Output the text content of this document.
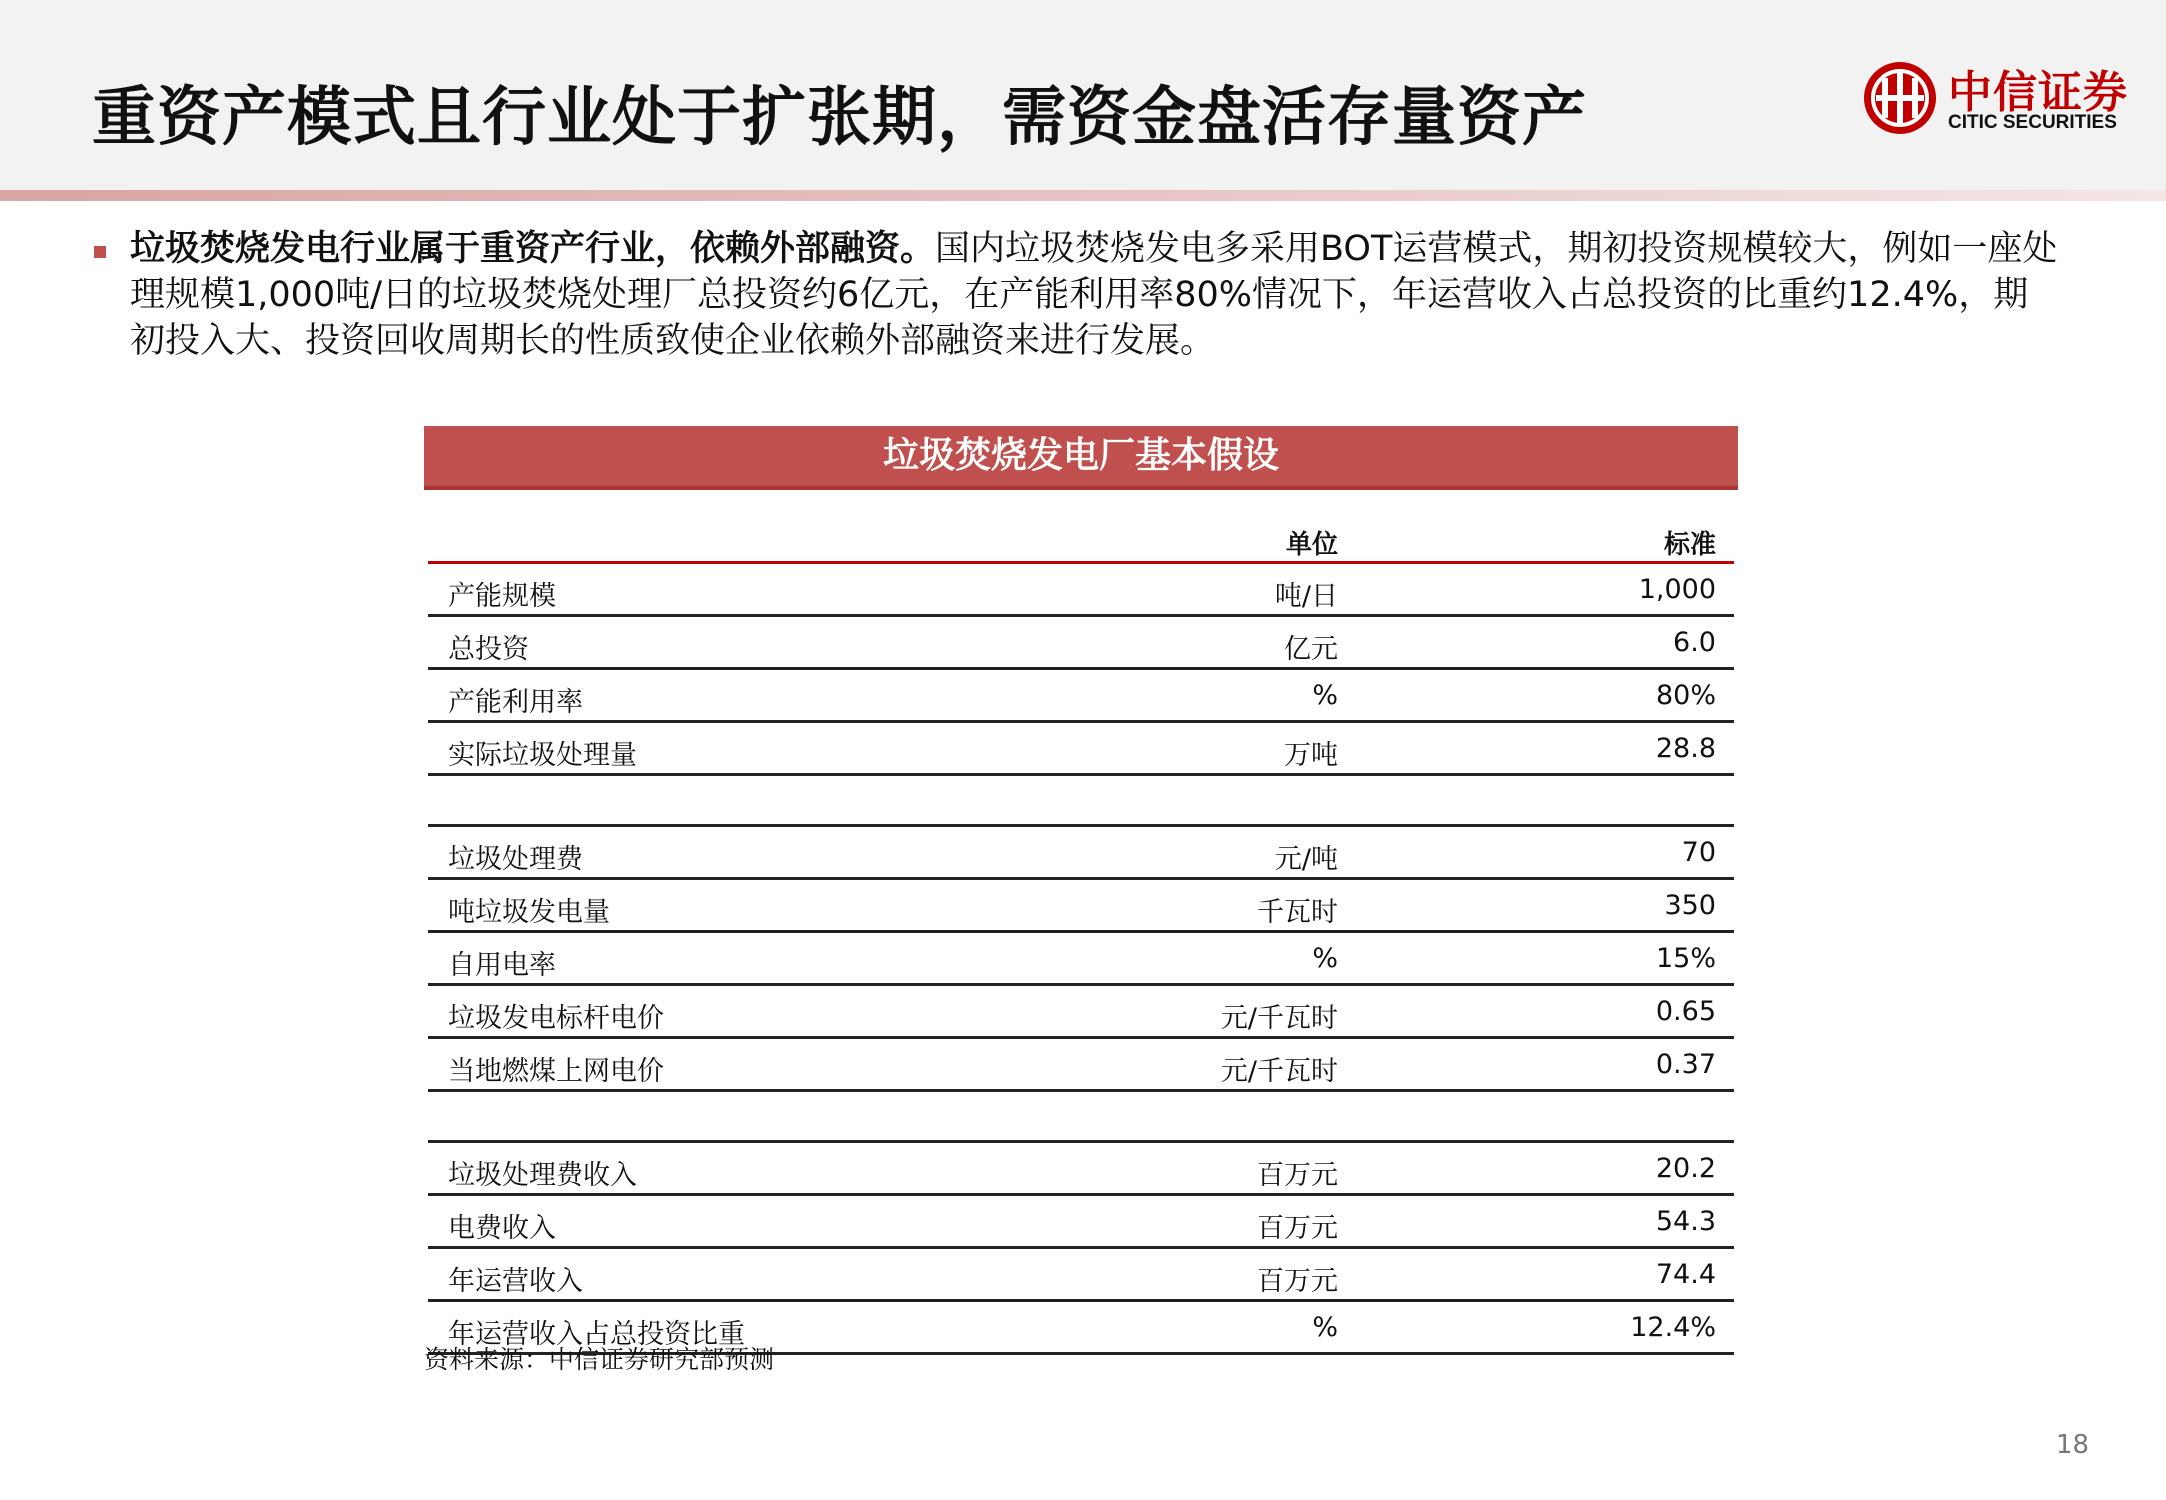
重资产模式且行业处于扩张期，需资金盘活存量资产	中信证券
CITIC SECURITIES
垃圾焚烧发电行业属于重资产行业，依赖外部融资。国内垃圾焚烧发电多采用BOT运营模式，期初投资规模较大，例如一座处理规模1,000吨/日的垃圾焚烧处理厂总投资约6亿元，在产能利用率80%情况下，年运营收入占总投资的比重约12.4%，期初投入大、投资回收周期长的性质致使企业依赖外部融资来进行发展。
垃圾焚烧发电厂基本假设
单位	标准
产能规模	吨/日	1,000
总投资	亿元	6.0
产能利用率	%	80%
实际垃圾处理量	万吨	28.8
垃圾处理费	元/吨	70
吨垃圾发电量	千瓦时	350
自用电率	%	15%
垃圾发电标杆电价	元/千瓦时	0.65
当地燃煤上网电价	元/千瓦时	0.37
垃圾处理费收入	百万元	20.2
电费收入	百万元	54.3
年运营收入	百万元	74.4
年运营收入占总投资比重	%	12.4%
资料来源：中信证券研究部预测
18
